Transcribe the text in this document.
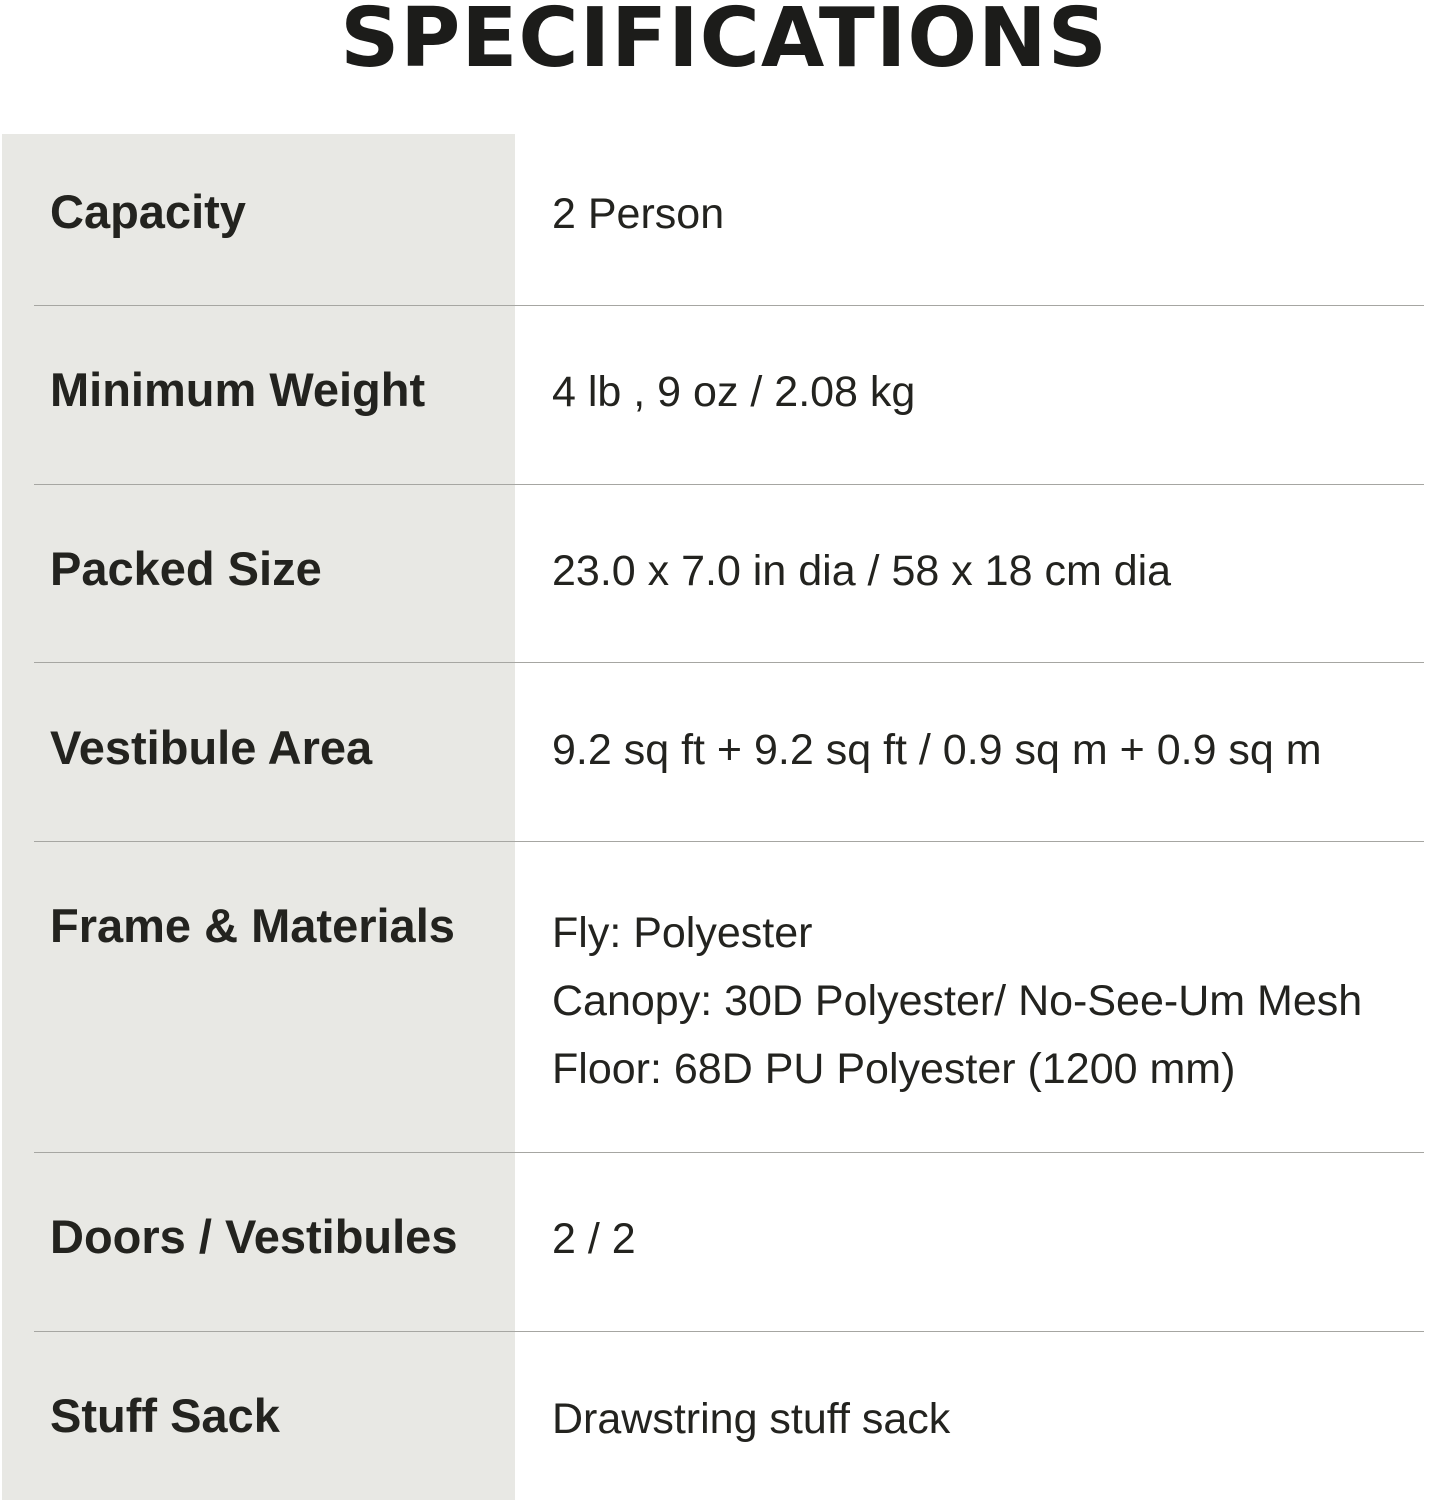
SPECIFICATIONS
Capacity	2 Person
Minimum Weight	4 lb , 9 oz / 2.08 kg
Packed Size	23.0 x 7.0 in dia / 58 x 18 cm dia
Vestibule Area	9.2 sq ft + 9.2 sq ft / 0.9 sq m + 0.9 sq m
Frame & Materials Fly: Polyester
Canopy: 30D Polyester/ No-See-Um Mesh
Floor: 68D PU Polyester (1200 mm)
Doors / Vestibules 2 / 2
Stuff Sack	Drawstring stuff sack
